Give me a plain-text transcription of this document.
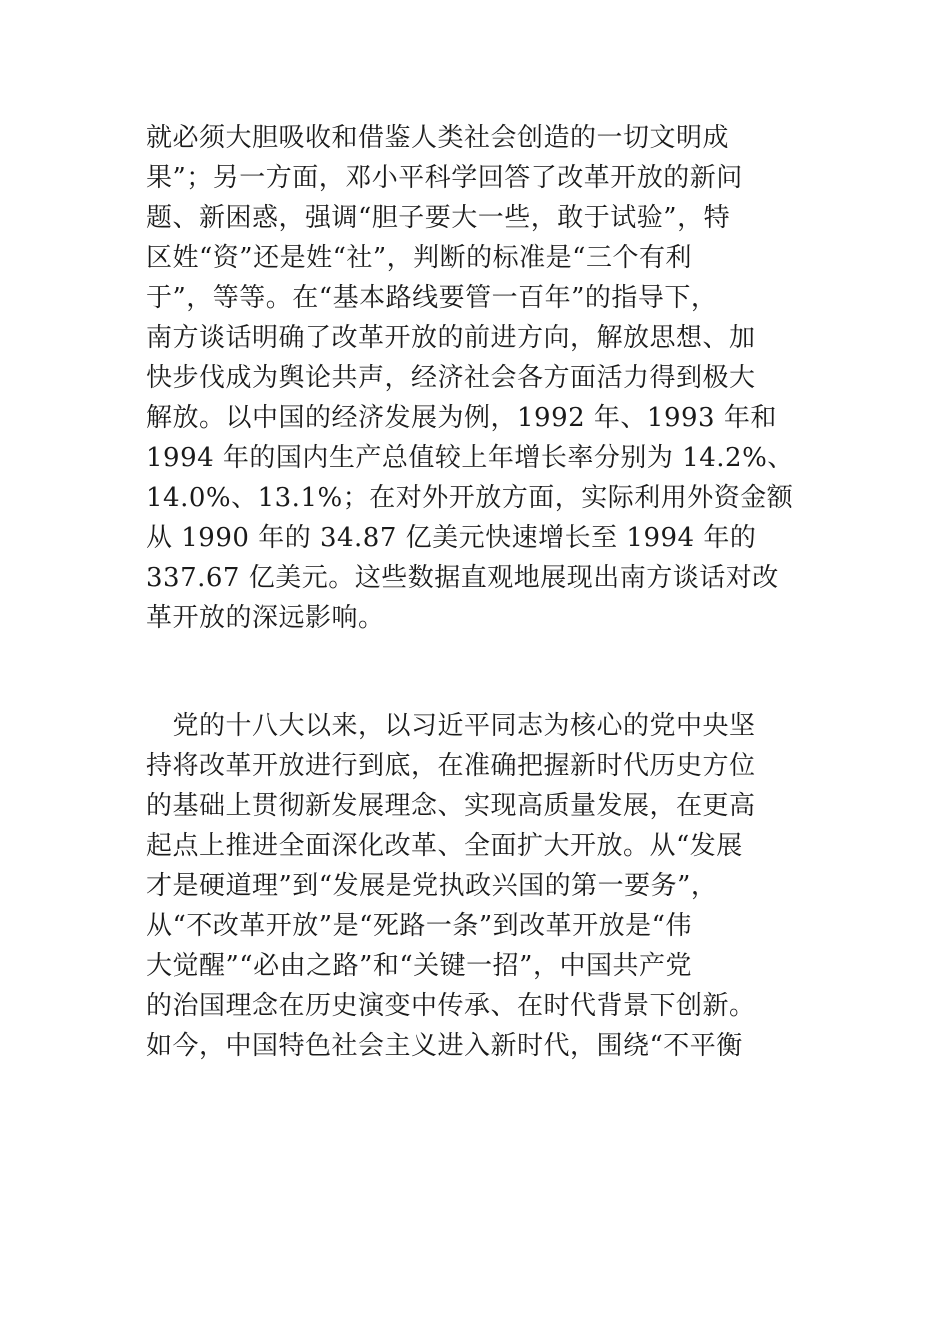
就必须大胆吸收和借鉴人类社会创造的一切文明成
果”；另一方面，邓小平科学回答了改革开放的新问
题、新困惑，强调“胆子要大一些，敢于试验”，特
区姓“资”还是姓“社”，判断的标准是“三个有利
于”，等等。在“基本路线要管一百年”的指导下，
南方谈话明确了改革开放的前进方向，解放思想、加
快步伐成为舆论共声，经济社会各方面活力得到极大
解放。以中国的经济发展为例，1992 年、1993 年和
1994 年的国内生产总值较上年增长率分别为 14.2%、
14.0%、13.1%；在对外开放方面，实际利用外资金额
从 1990 年的 34.87 亿美元快速增长至 1994 年的
337.67 亿美元。这些数据直观地展现出南方谈话对改
革开放的深远影响。
　党的十八大以来，以习近平同志为核心的党中央坚
持将改革开放进行到底，在准确把握新时代历史方位
的基础上贯彻新发展理念、实现高质量发展，在更高
起点上推进全面深化改革、全面扩大开放。从“发展
才是硬道理”到“发展是党执政兴国的第一要务”，
从“不改革开放”是“死路一条”到改革开放是“伟
大觉醒”“必由之路”和“关键一招”，中国共产党
的治国理念在历史演变中传承、在时代背景下创新。
如今，中国特色社会主义进入新时代，围绕“不平衡
